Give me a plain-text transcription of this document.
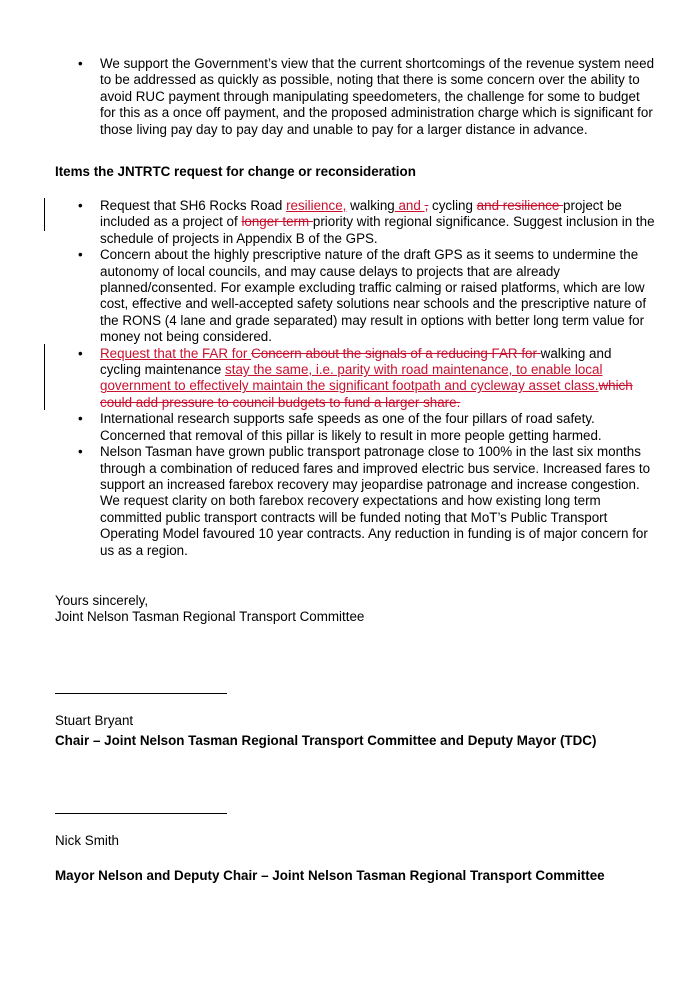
• We support the Government’s view that the current shortcomings of the revenue system need to be addressed as quickly as possible, noting that there is some concern over the ability to avoid RUC payment through manipulating speedometers, the challenge for some to budget for this as a once off payment, and the proposed administration charge which is significant for those living pay day to pay day and unable to pay for a larger distance in advance.
Items the JNTRTC request for change or reconsideration
• Request that SH6 Rocks Road resilience, walking and , cycling and resilience project be included as a project of longer term priority with regional significance. Suggest inclusion in the schedule of projects in Appendix B of the GPS.
• Concern about the highly prescriptive nature of the draft GPS as it seems to undermine the autonomy of local councils, and may cause delays to projects that are already planned/consented. For example excluding traffic calming or raised platforms, which are low cost, effective and well-accepted safety solutions near schools and the prescriptive nature of the RONS (4 lane and grade separated) may result in options with better long term value for money not being considered.
• Request that the FAR for Concern about the signals of a reducing FAR for walking and cycling maintenance stay the same, i.e. parity with road maintenance, to enable local government to effectively maintain the significant footpath and cycleway asset class.which could add pressure to council budgets to fund a larger share.
• International research supports safe speeds as one of the four pillars of road safety. Concerned that removal of this pillar is likely to result in more people getting harmed.
• Nelson Tasman have grown public transport patronage close to 100% in the last six months through a combination of reduced fares and improved electric bus service. Increased fares to support an increased farebox recovery may jeopardise patronage and increase congestion. We request clarity on both farebox recovery expectations and how existing long term committed public transport contracts will be funded noting that MoT’s Public Transport Operating Model favoured 10 year contracts. Any reduction in funding is of major concern for us as a region.
Yours sincerely,
Joint Nelson Tasman Regional Transport Committee
Stuart Bryant
Chair – Joint Nelson Tasman Regional Transport Committee and Deputy Mayor (TDC)
Nick Smith
Mayor Nelson and Deputy Chair – Joint Nelson Tasman Regional Transport Committee
